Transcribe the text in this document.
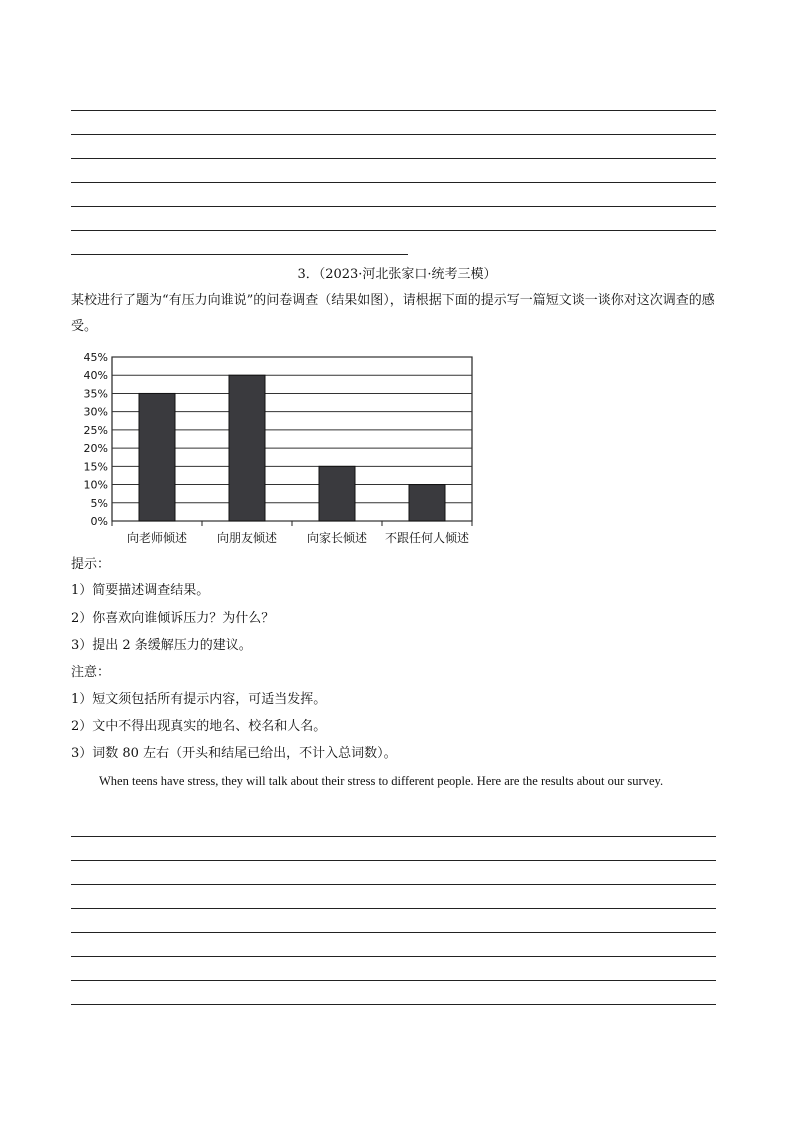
3．（2023·河北张家口·统考三模）
某校进行了题为“有压力向谁说”的问卷调查（结果如图），请根据下面的提示写一篇短文谈一谈你对这次调查的感受。
0%
5%
10%
15%
20%
25%
30%
35%
40%
45%
向老师倾述 向朋友倾述 向家长倾述 不跟任何人倾述
提示：
1）简要描述调查结果。
2）你喜欢向谁倾诉压力？为什么？
3）提出 2 条缓解压力的建议。
注意：
1）短文须包括所有提示内容，可适当发挥。
2）文中不得出现真实的地名、校名和人名。
3）词数 80 左右（开头和结尾已给出，不计入总词数）。
When teens have stress, they will talk about their stress to different people. Here are the results about our survey.
